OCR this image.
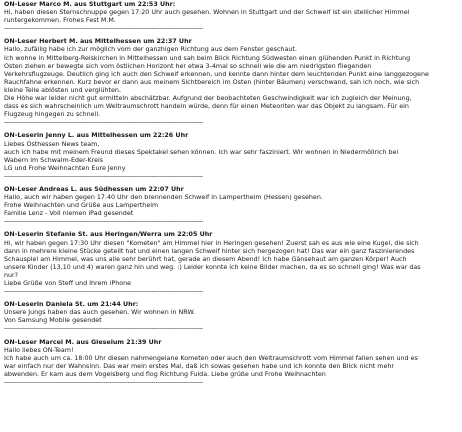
ON-Leser Marco M. aus Stuttgart um 22:53 Uhr:
Hi, haben diesen Sternschnuppe gegen 17:20 Uhr auch gesehen. Wohnen in Stuttgart und der Schweif ist ein stellicher Himmel
runtergekommen. Frohes Fest M.M.
----------------------------------------------------------------------------------------------------
ON-Leser Herbert M. aus Mittelhessen um 22:37 Uhr
Hallo, zufällig habe ich zur möglich vom der ganzhigen Richtung aus dem Fenster geschaut.
Ich wohne in Mittelberg-Reiskirchen in Mittelhessen und sah beim Blick Richtung Südwesten einen glühenden Punkt in Richtung
Osten ziehen er bewegte sich vom östlichen Horizont her etwa 3-4mal so schnell wie die am niedrigsten fliegenden
Verkehrsflugzeuge. Deutlich ging ich auch den Schweif erkennen, und kennte dann hinter dem leuchtenden Punkt eine langgezogene
Rauchfahne erkennen. Kurz bevor er dann aus meinem Sichtbereich im Osten (hinter Bäumen) verschwand, sah ich noch, wie sich
kleine Teile ablösten und verglühten.
Die Höhe war leider nicht gut ermitteln abschätzbar. Aufgrund der beobachteten Geschwindigkeit war ich zugleich der Meinung,
dass es sich wahrscheinlich um Weltraumschrott handeln würde, denn für einen Meteoriten war das Objekt zu langsam. Für ein
Flugzeug hingegen zu schnell.
----------------------------------------------------------------------------------------------------
ON-Leserin Jenny L. aus Mittelhessen um 22:26 Uhr
Liebes Osthessen News team,
auch ich habe mit meinem Freund dieses Spektakel sehen können. Ich war sehr fasziniert. Wir wohnen in Niedermöllrich bei
Wabern im Schwalm-Eder-Kreis
LG und Frohe Weihnachten Eure Jenny
----------------------------------------------------------------------------------------------------
ON-Leser Andreas L. aus Südhessen um 22:07 Uhr
Hallo, auch wir haben gegen 17.40 Uhr den brennenden Schweif in Lampertheim (Hessen) gesehen.
Frohe Weihnachten und Grüße aus Lampertheim
Familie Lenz - Voll niemen iPad gesendet
----------------------------------------------------------------------------------------------------
ON-Leserin Stefanie St. aus Heringen/Werra um 22:05 Uhr
Hi, wir haben gegen 17:30 Uhr diesen "Kometen" am Himmel hier in Heringen gesehen! Zuerst sah es aus wie eine Kugel, die sich
dann in mehrere kleine Stücke geteilt hat und einen langen Schweif hinter sich hergezogen hat! Das war ein ganz faszinierendes
Schauspiel am Himmel, was uns alle sehr berührt hat, gerade an diesem Abend! Ich habe Gänsehaut am ganzen Körper! Auch
unsere Kinder (13,10 und 4) waren ganz hin und weg. :) Leider konnte ich keine Bilder machen, da es so schnell ging! Was war das
nur?
Liebe Grüße von Steff und Ihrem iPhone
----------------------------------------------------------------------------------------------------
ON-Leserin Daniela St. um 21:44 Uhr:
Unsere Jungs haben das auch gesehen. Wir wohnen in NRW.
Von Samsung Mobile gesendet
----------------------------------------------------------------------------------------------------
ON-Leser Marcel M. aus Gieselum 21:39 Uhr
Hallo liebes ON-Team!
Ich habe auch um ca. 18:00 Uhr diesen nahmengeiane Kometen oder auch den Weltraumschrott vom Himmel fallen sehen und es
war einfach nur der Wahnsinn. Das war mein erstes Mal, daß ich sowas gesehen habe und ich konnte den Blick nicht mehr
abwenden. Er kam aus dem Vogelsberg und flog Richtung Fulda. Liebe grüße und Frohe Weihnachten
----------------------------------------------------------------------------------------------------
